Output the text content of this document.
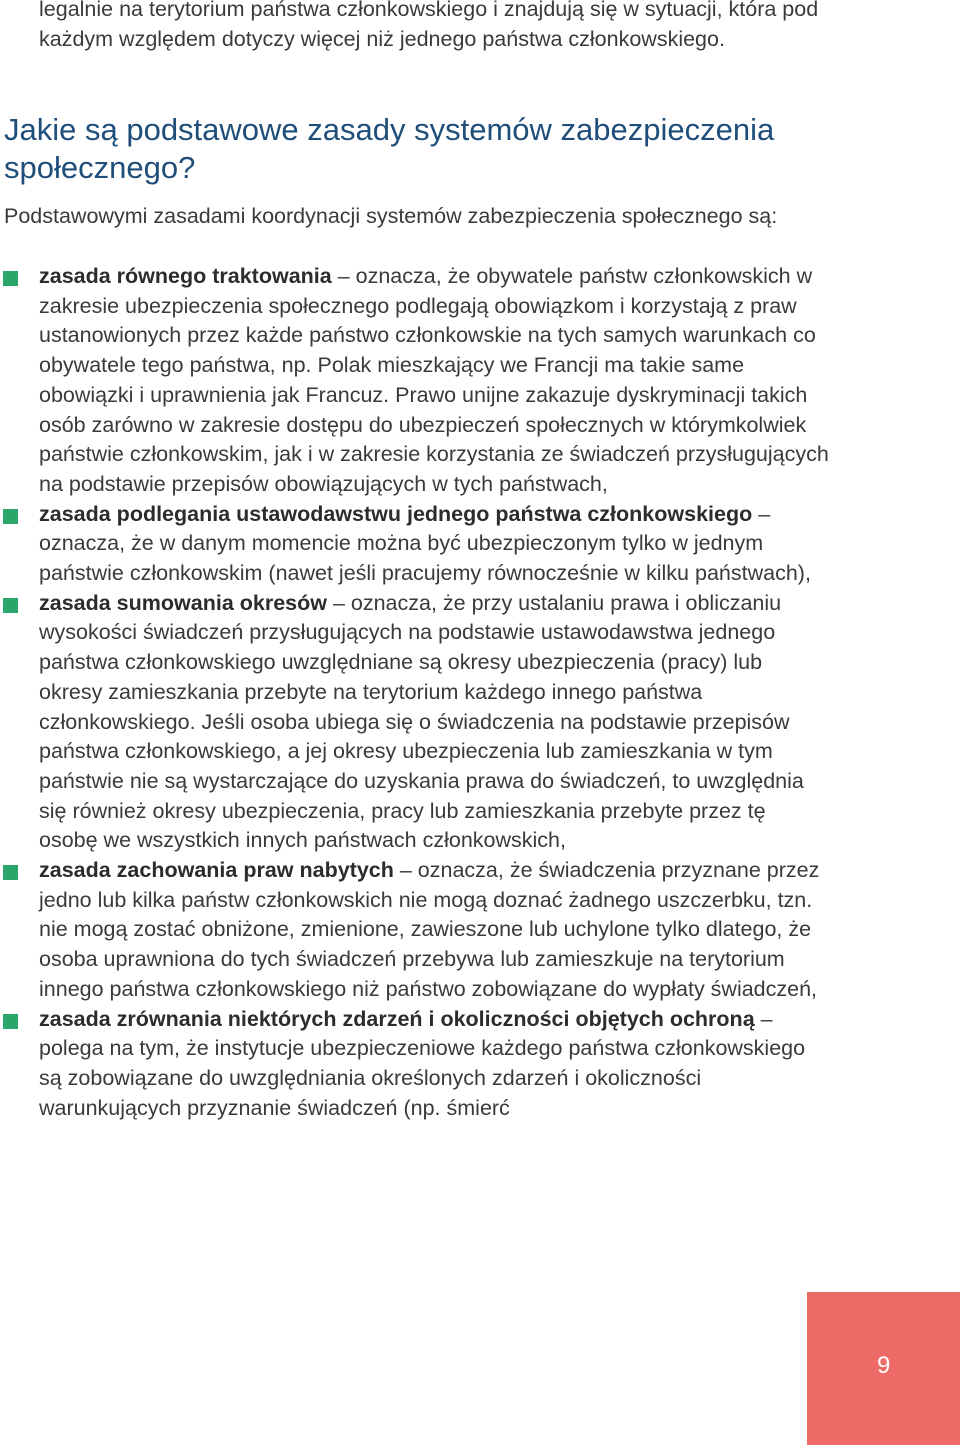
legalnie na terytorium państwa członkowskiego i znajdują się w sytuacji, która pod każdym względem dotyczy więcej niż jednego państwa członkowskiego.
Jakie są podstawowe zasady systemów zabezpieczenia społecznego?
Podstawowymi zasadami koordynacji systemów zabezpieczenia społecznego są:
zasada równego traktowania – oznacza, że obywatele państw członkowskich w zakresie ubezpieczenia społecznego podlegają obowiązkom i korzystają z praw ustanowionych przez każde państwo członkowskie na tych samych warunkach co obywatele tego państwa, np. Polak mieszkający we Francji ma takie same obowiązki i uprawnienia jak Francuz. Prawo unijne zakazuje dyskryminacji takich osób zarówno w zakresie dostępu do ubezpieczeń społecznych w którymkolwiek państwie członkowskim, jak i w zakresie korzystania ze świadczeń przysługujących na podstawie przepisów obowiązujących w tych państwach,
zasada podlegania ustawodawstwu jednego państwa członkowskiego – oznacza, że w danym momencie można być ubezpieczonym tylko w jednym państwie członkowskim (nawet jeśli pracujemy równocześnie w kilku państwach),
zasada sumowania okresów – oznacza, że przy ustalaniu prawa i obliczaniu wysokości świadczeń przysługujących na podstawie ustawodawstwa jednego państwa członkowskiego uwzględniane są okresy ubezpieczenia (pracy) lub okresy zamieszkania przebyte na terytorium każdego innego państwa członkowskiego. Jeśli osoba ubiega się o świadczenia na podstawie przepisów państwa członkowskiego, a jej okresy ubezpieczenia lub zamieszkania w tym państwie nie są wystarczające do uzyskania prawa do świadczeń, to uwzględnia się również okresy ubezpieczenia, pracy lub zamieszkania przebyte przez tę osobę we wszystkich innych państwach członkowskich,
zasada zachowania praw nabytych – oznacza, że świadczenia przyznane przez jedno lub kilka państw członkowskich nie mogą doznać żadnego uszczerbku, tzn. nie mogą zostać obniżone, zmienione, zawieszone lub uchylone tylko dlatego, że osoba uprawniona do tych świadczeń przebywa lub zamieszkuje na terytorium innego państwa członkowskiego niż państwo zobowiązane do wypłaty świadczeń,
zasada zrównania niektórych zdarzeń i okoliczności objętych ochroną – polega na tym, że instytucje ubezpieczeniowe każdego państwa członkowskiego są zobowiązane do uwzględniania określonych zdarzeń i okoliczności warunkujących przyznanie świadczeń (np. śmierć
9
